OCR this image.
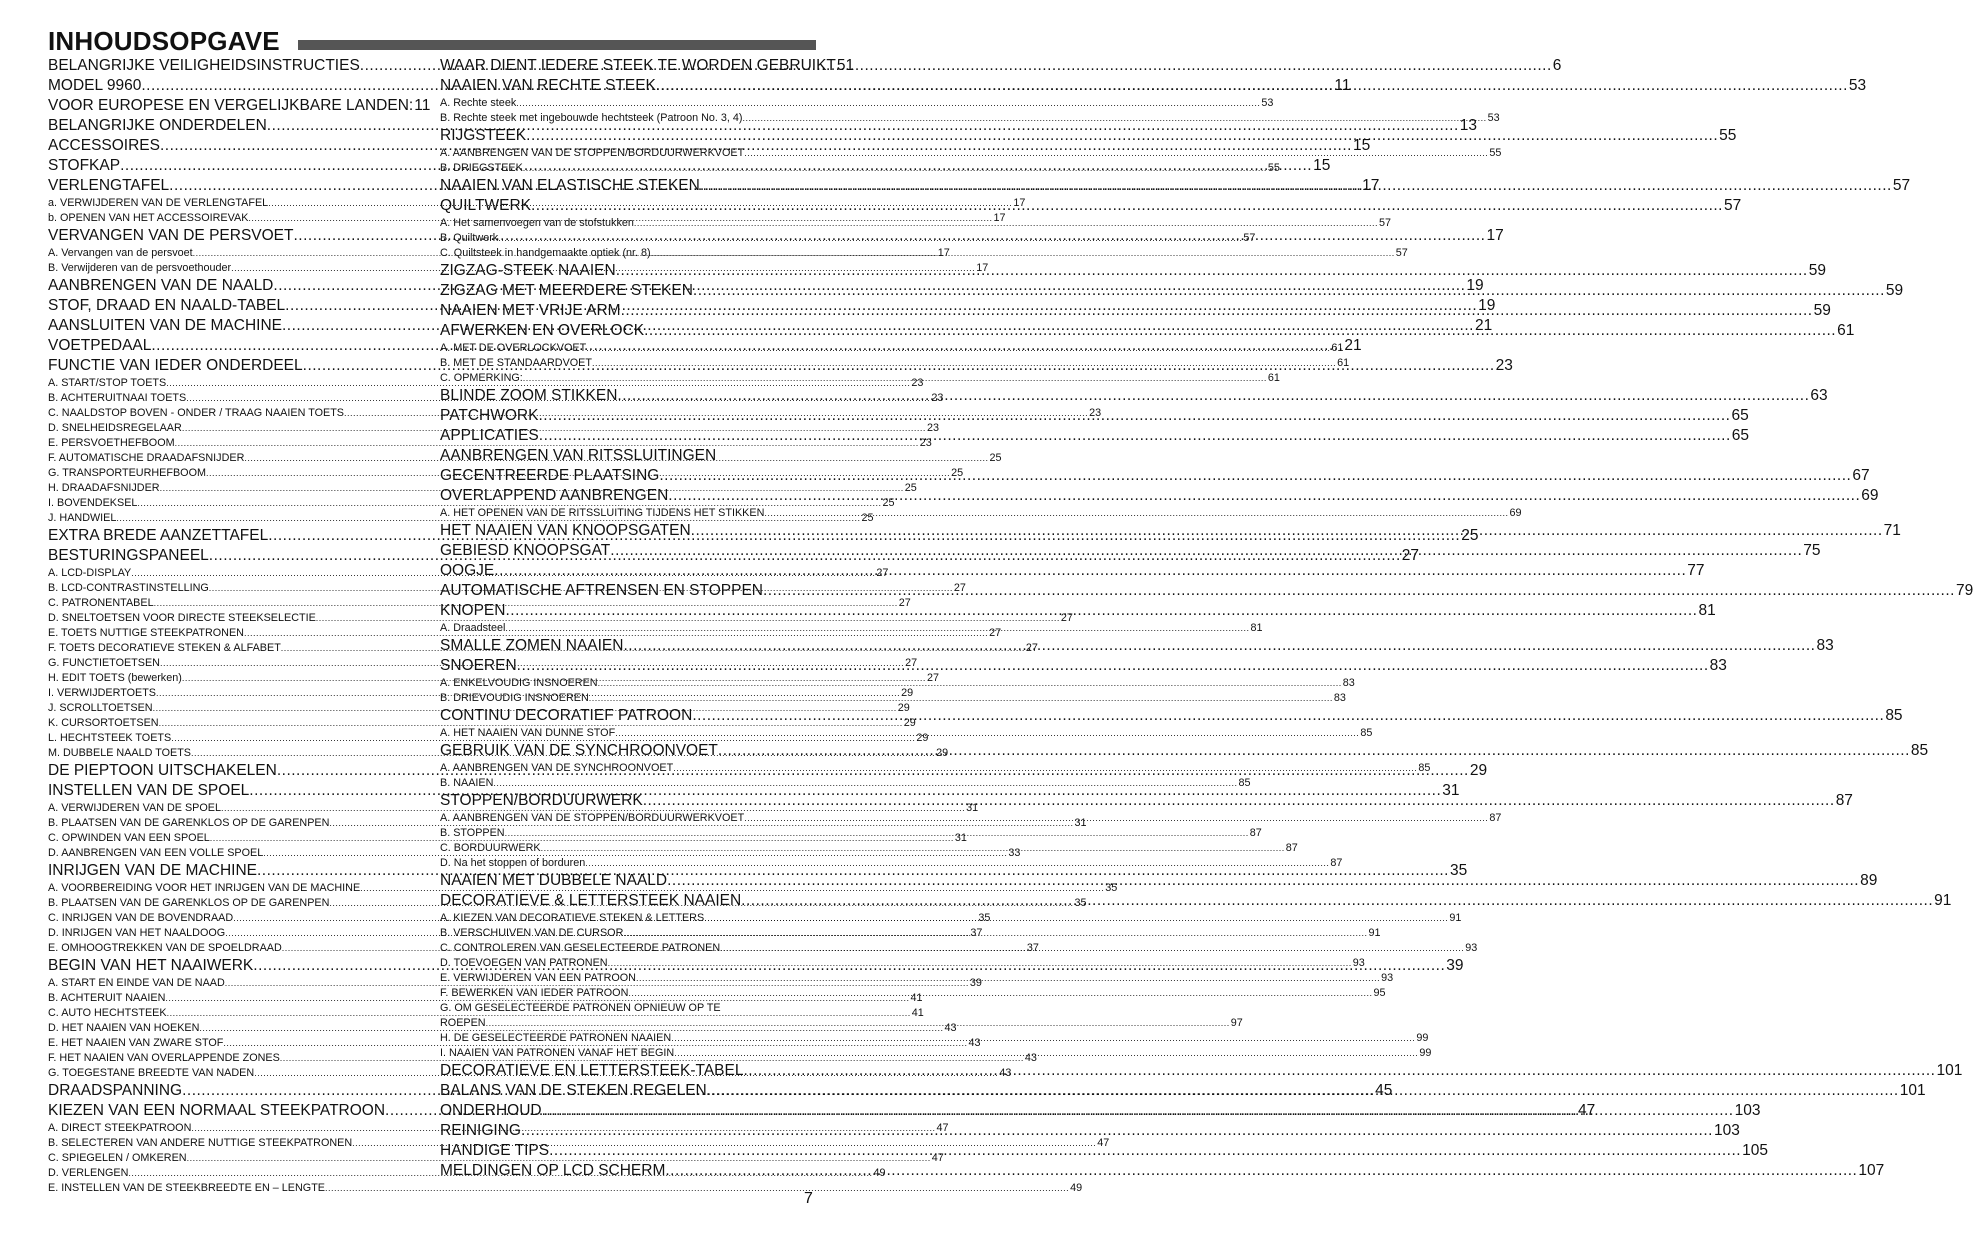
INHOUDSOPGAVE
BELANGRIJKE VEILIGHEIDSINSTRUCTIES .....	6
MODEL 9960 .....	11
VOOR EUROPESE EN VERGELIJKBARE LANDEN: 11
BELANGRIJKE ONDERDELEN .....	13
ACCESSOIRES .....	15
STOFKAP .....	15
VERLENGTAFEL .....	17
a. VERWIJDEREN VAN DE VERLENGTAFEL .....	17
b. OPENEN VAN HET ACCESSOIREVAK .....	17
VERVANGEN VAN DE PERSVOET .....	17
A. Vervangen van de persvoet .....	17
B. Verwijderen van de persvoethouder .....	17
AANBRENGEN VAN DE NAALD .....	19
STOF, DRAAD EN NAALD-TABEL .....	19
AANSLUITEN VAN DE MACHINE .....	21
VOETPEDAAL .....	21
FUNCTIE VAN IEDER ONDERDEEL .....	23
A. START/STOP TOETS .....	23
B. ACHTERUITNAAI TOETS .....	23
C. NAALDSTOP BOVEN - ONDER / TRAAG NAAIEN TOETS .....	23
D. SNELHEIDSREGELAAR .....	23
E. PERSVOETHEFBOOM .....	23
F. AUTOMATISCHE DRAADAFSNIJDER .....	25
G. TRANSPORTEURHEFBOOM .....	25
H. DRAADAFSNIJDER .....	25
I. BOVENDEKSEL .....	25
J. HANDWIEL .....	25
EXTRA BREDE AANZETTAFEL .....	25
BESTURINGSPANEEL .....	27
A. LCD-DISPLAY .....	27
B. LCD-CONTRASTINSTELLING .....	27
C. PATRONENTABEL .....	27
D. SNELTOETSEN VOOR DIRECTE STEEKSELECTIE .....	27
E. TOETS NUTTIGE STEEKPATRONEN .....	27
F. TOETS DECORATIEVE STEKEN & ALFABET .....	27
G. FUNCTIETOETSEN .....	27
H. EDIT TOETS (bewerken) .....	27
I. VERWIJDERTOETS .....	29
J. SCROLLTOETSEN .....	29
K. CURSORTOETSEN .....	29
L. HECHTSTEEK TOETS .....	29
M. DUBBELE NAALD TOETS .....	29
DE PIEPTOON UITSCHAKELEN .....	29
INSTELLEN VAN DE SPOEL .....	31
A. VERWIJDEREN VAN DE SPOEL .....	31
B. PLAATSEN VAN DE GARENKLOS OP DE GARENPEN .....	31
C. OPWINDEN VAN EEN SPOEL .....	31
D. AANBRENGEN VAN EEN VOLLE SPOEL .....	33
INRIJGEN VAN DE MACHINE .....	35
A. VOORBEREIDING VOOR HET INRIJGEN VAN DE MACHINE .....	35
B. PLAATSEN VAN DE GARENKLOS OP DE GARENPEN .....	35
C. INRIJGEN VAN DE BOVENDRAAD .....	35
D. INRIJGEN VAN HET NAALDOOG .....	37
E. OMHOOGTREKKEN VAN DE SPOELDRAAD .....	37
BEGIN VAN HET NAAIWERK .....	39
A. START EN EINDE VAN DE NAAD .....	39
B. ACHTERUIT NAAIEN .....	41
C. AUTO HECHTSTEEK .....	41
D. HET NAAIEN VAN HOEKEN .....	43
E. HET NAAIEN VAN ZWARE STOF .....	43
F. HET NAAIEN VAN OVERLAPPENDE ZONES .....	43
G. TOEGESTANE BREEDTE VAN NADEN .....	43
DRAADSPANNING .....	45
KIEZEN VAN EEN NORMAAL STEEKPATROON .....	47
A. DIRECT STEEKPATROON .....	47
B. SELECTEREN VAN ANDERE NUTTIGE STEEKPATRONEN .....	47
C. SPIEGELEN / OMKEREN .....	47
D. VERLENGEN .....	49
E. INSTELLEN VAN DE STEEKBREEDTE EN – LENGTE .....	49
WAAR DIENT IEDERE STEEK TE WORDEN GEBRUIKT 51
NAAIEN VAN RECHTE STEEK .....	53
A. Rechte steek .....	53
B. Rechte steek met ingebouwde hechtsteek (Patroon No. 3, 4) .....	53
RIJGSTEEK .....	55
A. AANBRENGEN VAN DE STOPPEN/BORDUURWERKVOET .....	55
B. DRIEGSTEEK .....	55
NAAIEN VAN ELASTISCHE STEKEN .....	57
QUILTWERK .....	57
A. Het samenvoegen van de stofstukken .....	57
B. Quiltwerk .....	57
C. Quiltsteek in handgemaakte optiek (nr. 8) .....	57
ZIGZAG-STEEK NAAIEN .....	59
ZIGZAG MET MEERDERE STEKEN .....	59
NAAIEN MET VRIJE ARM .....	59
AFWERKEN EN OVERLOCK .....	61
A. MET DE OVERLOCKVOET .....	61
B. MET DE STANDAARDVOET .....	61
C. OPMERKING: .....	61
BLINDE ZOOM STIKKEN .....	63
PATCHWORK .....	65
APPLICATIES .....	65
AANBRENGEN VAN RITSSLUITINGEN
GECENTREERDE PLAATSING .....	67
OVERLAPPEND AANBRENGEN .....	69
A. HET OPENEN VAN DE RITSSLUITING TIJDENS HET STIKKEN .....	69
HET NAAIEN VAN KNOOPSGATEN .....	71
GEBIESD KNOOPSGAT .....	75
OOGJE .....	77
AUTOMATISCHE AFTRENSEN EN STOPPEN .....	79
KNOPEN .....	81
A. Draadsteel .....	81
SMALLE ZOMEN NAAIEN .....	83
SNOEREN .....	83
A. ENKELVOUDIG INSNOEREN .....	83
B. DRIEVOUDIG INSNOEREN .....	83
CONTINU DECORATIEF PATROON .....	85
A. HET NAAIEN VAN DUNNE STOF .....	85
GEBRUIK VAN DE SYNCHROONVOET .....	85
A. AANBRENGEN VAN DE SYNCHROONVOET .....	85
B. NAAIEN .....	85
STOPPEN/BORDUURWERK .....	87
A. AANBRENGEN VAN DE STOPPEN/BORDUURWERKVOET .....	87
B. STOPPEN .....	87
C. BORDUURWERK .....	87
D. Na het stoppen of borduren .....	87
NAAIEN MET DUBBELE NAALD .....	89
DECORATIEVE & LETTERSTEEK NAAIEN .....	91
A. KIEZEN VAN DECORATIEVE STEKEN & LETTERS .....	91
B. VERSCHUIVEN VAN DE CURSOR .....	91
C. CONTROLEREN VAN GESELECTEERDE PATRONEN .....	93
D. TOEVOEGEN VAN PATRONEN .....	93
E. VERWIJDEREN VAN EEN PATROON .....	93
F. BEWERKEN VAN IEDER PATROON .....	95
G. OM GESELECTEERDE PATRONEN OPNIEUW OP TE
ROEPEN .....	97
H. DE GESELECTEERDE PATRONEN NAAIEN .....	99
I. NAAIEN VAN PATRONEN VANAF HET BEGIN .....	99
DECORATIEVE EN LETTERSTEEK-TABEL .....	101
BALANS VAN DE STEKEN REGELEN .....	101
ONDERHOUD .....	103
REINIGING .....	103
HANDIGE TIPS .....	105
MELDINGEN OP LCD SCHERM .....	107
7
